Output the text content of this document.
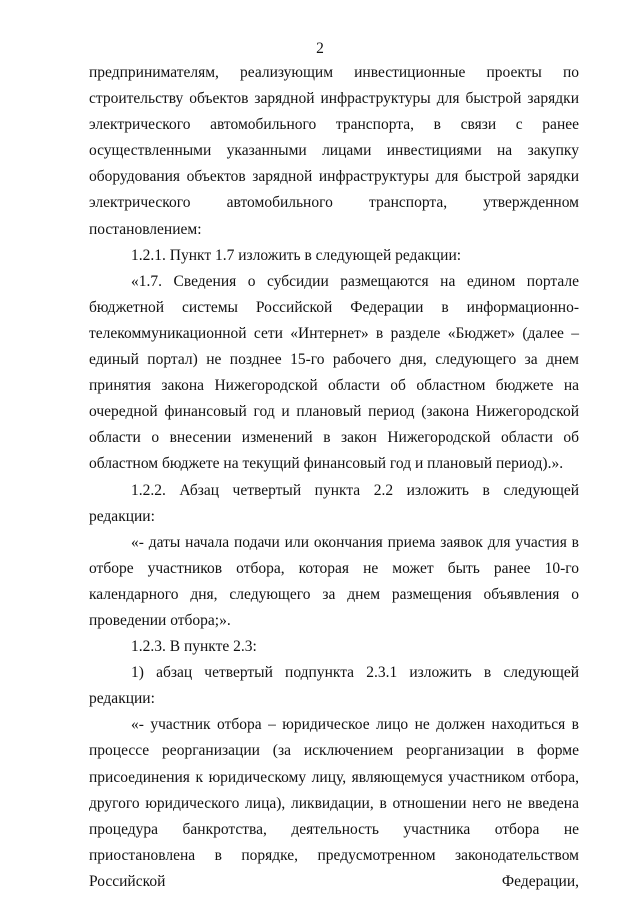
2

предпринимателям, реализующим инвестиционные проекты по строительству объектов зарядной инфраструктуры для быстрой зарядки электрического автомобильного транспорта, в связи с ранее осуществленными указанными лицами инвестициями на закупку оборудования объектов зарядной инфраструктуры для быстрой зарядки электрического автомобильного транспорта, утвержденном постановлением:

1.2.1. Пункт 1.7 изложить в следующей редакции:

«1.7. Сведения о субсидии размещаются на едином портале бюджетной системы Российской Федерации в информационно-телекоммуникационной сети «Интернет» в разделе «Бюджет» (далее – единый портал) не позднее 15-го рабочего дня, следующего за днем принятия закона Нижегородской области об областном бюджете на очередной финансовый год и плановый период (закона Нижегородской области о внесении изменений в закон Нижегородской области об областном бюджете на текущий финансовый год и плановый период).».

1.2.2. Абзац четвертый пункта 2.2 изложить в следующей редакции:

«- даты начала подачи или окончания приема заявок для участия в отборе участников отбора, которая не может быть ранее 10-го календарного дня, следующего за днем размещения объявления о проведении отбора;».

1.2.3. В пункте 2.3:

1) абзац четвертый подпункта 2.3.1 изложить в следующей редакции:

«- участник отбора – юридическое лицо не должен находиться в процессе реорганизации (за исключением реорганизации в форме присоединения к юридическому лицу, являющемуся участником отбора, другого юридического лица), ликвидации, в отношении него не введена процедура банкротства, деятельность участника отбора не приостановлена в порядке, предусмотренном законодательством Российской Федерации,
